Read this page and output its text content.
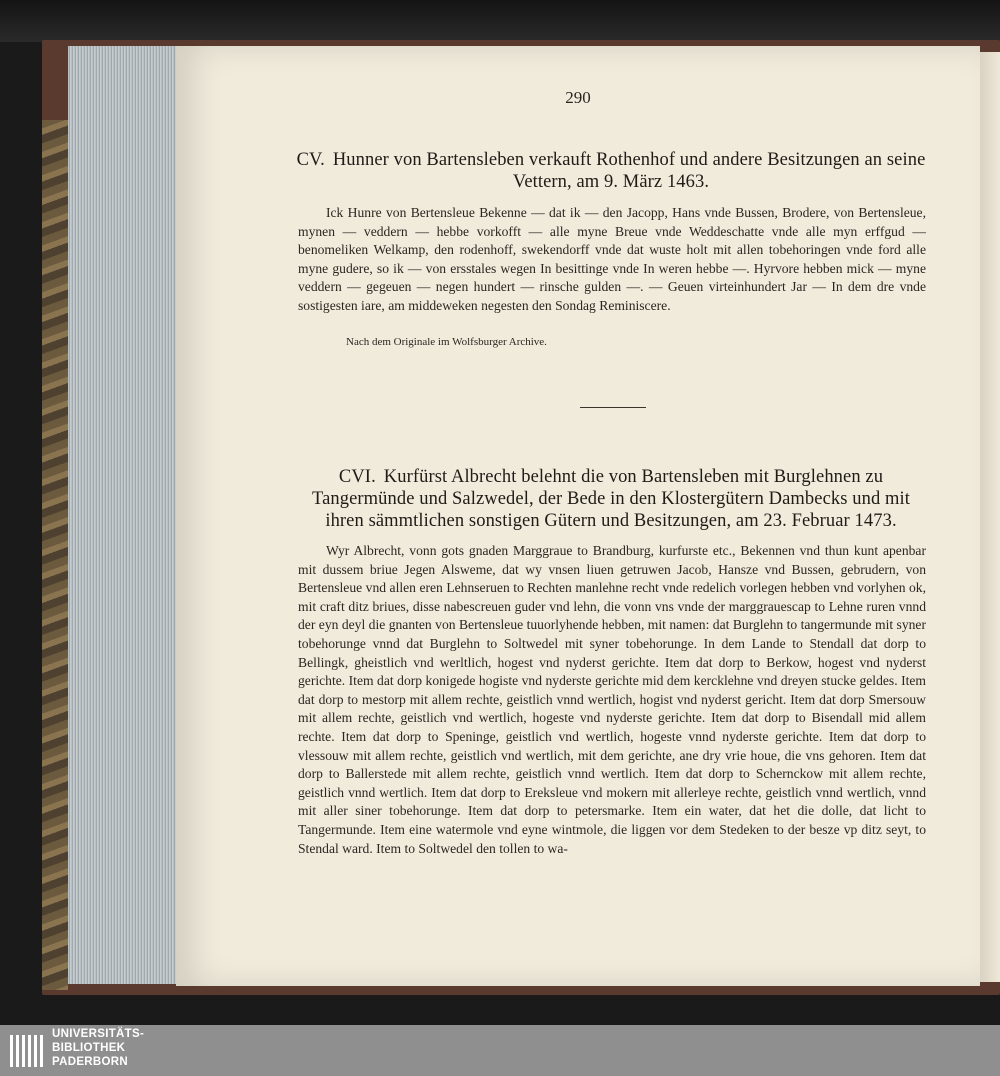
290
CV. Hunner von Bartensleben verkauft Rothenhof und andere Besitzungen an seine Vettern, am 9. März 1463.

Ick Hunre von Bertensleue Bekenne — dat ik — den Jacopp, Hans vnde Bussen, Brodere, von Bertensleue, mynen — veddern — hebbe vorkofft — alle myne Breue vnde Weddeschatte vnde alle myn erffgud — benomeliken Welkamp, den rodenhoff, swekendorff vnde dat wuste holt mit allen tobehoringen vnde ford alle myne gudere, so ik — von ersstales wegen In besittinge vnde In weren hebbe —. Hyrvore hebben mick — myne veddern — gegeuen — negen hundert — rinsche gulden —. — Geuen virteinhundert Jar — In dem dre vnde sostigesten iare, am middeweken negesten den Sondag Reminiscere.

Nach dem Originale im Wolfsburger Archive.
CVI. Kurfürst Albrecht belehnt die von Bartensleben mit Burglehnen zu Tangermünde und Salzwedel, der Bede in den Klostergütern Dambecks und mit ihren sämmtlichen sonstigen Gütern und Besitzungen, am 23. Februar 1473.

Wyr Albrecht, vonn gots gnaden Marggraue to Brandburg, kurfurste etc., Bekennen vnd thun kunt apenbar mit dussem briue Jegen Alsweme, dat wy vnsen liuen getruwen Jacob, Hansze vnd Bussen, gebrudern, von Bertensleue vnd allen eren Lehnseruen to Rechten manlehne recht vnde redelich vorlegen hebben vnd vorlyhen ok, mit craft ditz briues, disse nabescreuen guder vnd lehn, die vonn vns vnde der marggrauescap to Lehne ruren vnnd der eyn deyl die gnanten von Bertensleue tuuorlyhende hebben, mit namen: dat Burglehn to tangermunde mit syner tobehorunge vnnd dat Burglehn to Soltwedel mit syner tobehorunge. In dem Lande to Stendall dat dorp to Bellingk, gheistlich vnd werltlich, hogest vnd nyderst gerichte. Item dat dorp to Berkow, hogest vnd nyderst gerichte. Item dat dorp konigede hogiste vnd nyderste gerichte mid dem kercklehne vnd dreyen stucke geldes. Item dat dorp to mestorp mit allem rechte, geistlich vnnd wertlich, hogist vnd nyderst gericht. Item dat dorp Smersouw mit allem rechte, geistlich vnd wertlich, hogeste vnd nyderste gerichte. Item dat dorp to Bisendall mid allem rechte. Item dat dorp to Speninge, geistlich vnd wertlich, hogeste vnnd nyderste gerichte. Item dat dorp to vlessouw mit allem rechte, geistlich vnd wertlich, mit dem gerichte, ane dry vrie houe, die vns gehoren. Item dat dorp to Ballerstede mit allem rechte, geistlich vnnd wertlich. Item dat dorp to Schernckow mit allem rechte, geistlich vnnd wertlich. Item dat dorp to Ereksleue vnd mokern mit allerleye rechte, geistlich vnnd wertlich, vnnd mit aller siner tobehorunge. Item dat dorp to petersmarke. Item ein water, dat het die dolle, dat licht to Tangermunde. Item eine watermole vnd eyne wintmole, die liggen vor dem Stedeken to der besze vp ditz seyt, to Stendal ward. Item to Soltwedel den tollen to wa-

UNIVERSITÄTS-
BIBLIOTHEK
PADERBORN
